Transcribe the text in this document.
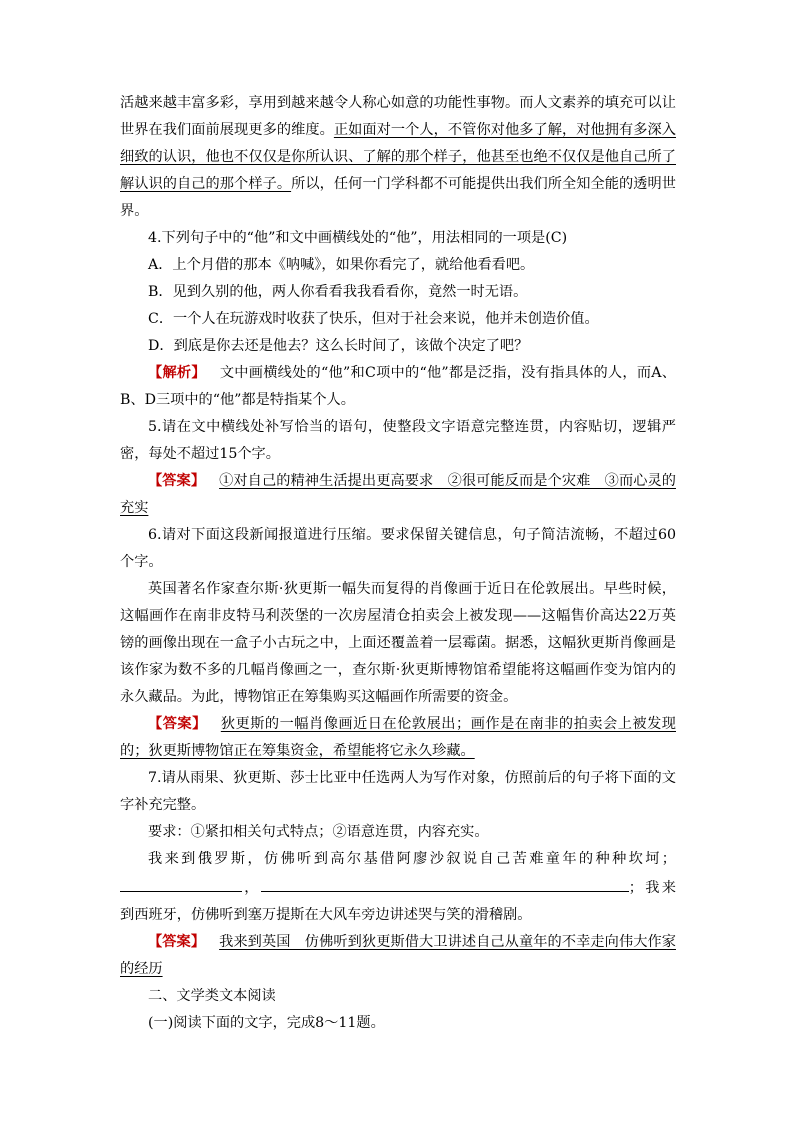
活越来越丰富多彩，享用到越来越令人称心如意的功能性事物。而人文素养的填充可以让世界在我们面前展现更多的维度。正如面对一个人，不管你对他多了解，对他拥有多深入细致的认识，他也不仅仅是你所认识、了解的那个样子，他甚至也绝不仅仅是他自己所了解认识的自己的那个样子。所以，任何一门学科都不可能提供出我们所全知全能的透明世界。

4.下列句子中的“他”和文中画横线处的“他”，用法相同的一项是(C)

A．上个月借的那本《呐喊》，如果你看完了，就给他看看吧。

B．见到久别的他，两人你看看我我看看你，竟然一时无语。

C．一个人在玩游戏时收获了快乐，但对于社会来说，他并未创造价值。

D．到底是你去还是他去？这么长时间了，该做个决定了吧？

【解析】 文中画横线处的“他”和C项中的“他”都是泛指，没有指具体的人，而A、B、D三项中的“他”都是特指某个人。

5.请在文中横线处补写恰当的语句，使整段文字语意完整连贯，内容贴切，逻辑严密，每处不超过15个字。

【答案】 ①对自己的精神生活提出更高要求　②很可能反而是个灾难　③而心灵的充实

6.请对下面这段新闻报道进行压缩。要求保留关键信息，句子简洁流畅，不超过60个字。

英国著名作家查尔斯·狄更斯一幅失而复得的肖像画于近日在伦敦展出。早些时候，这幅画作在南非皮特马利茨堡的一次房屋清仓拍卖会上被发现——这幅售价高达22万英镑的画像出现在一盒子小古玩之中，上面还覆盖着一层霉菌。据悉，这幅狄更斯肖像画是该作家为数不多的几幅肖像画之一，查尔斯·狄更斯博物馆希望能将这幅画作变为馆内的永久藏品。为此，博物馆正在筹集购买这幅画作所需要的资金。

【答案】 狄更斯的一幅肖像画近日在伦敦展出；画作是在南非的拍卖会上被发现的；狄更斯博物馆正在筹集资金，希望能将它永久珍藏。

7.请从雨果、狄更斯、莎士比亚中任选两人为写作对象，仿照前后的句子将下面的文字补充完整。

要求：①紧扣相关句式特点；②语意连贯，内容充实。

我来到俄罗斯，仿佛听到高尔基借阿廖沙叙说自己苦难童年的种种坎坷；，	；我来到西班牙，仿佛听到塞万提斯在大风车旁边讲述哭与笑的滑稽剧。

【答案】 我来到英国　仿佛听到狄更斯借大卫讲述自己从童年的不幸走向伟大作家的经历

二、文学类文本阅读

(一)阅读下面的文字，完成8～11题。
